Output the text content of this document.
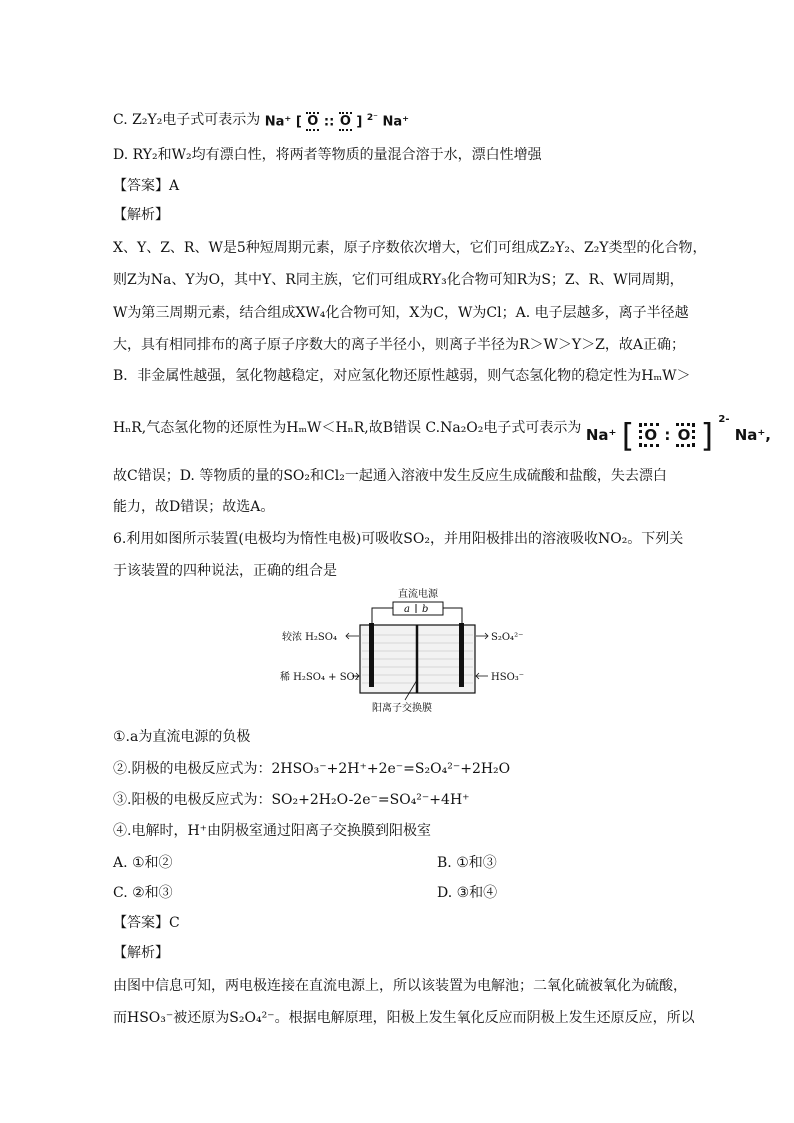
C. Z₂Y₂电子式可表示为 Na⁺ [ O :: O ] $^{2^-}$ Na⁺
D. RY₂和W₂均有漂白性，将两者等物质的量混合溶于水，漂白性增强
【答案】A
【解析】
X、Y、Z、R、W是5种短周期元素，原子序数依次增大，它们可组成Z₂Y₂、Z₂Y类型的化合物，
则Z为Na、Y为O，其中Y、R同主族，它们可组成RY₃化合物可知R为S；Z、R、W同周期，
W为第三周期元素，结合组成XW₄化合物可知，X为C，W为Cl；A. 电子层越多，离子半径越
大，具有相同排布的离子原子序数大的离子半径小，则离子半径为R＞W＞Y＞Z，故A正确；
B．非金属性越强，氢化物越稳定，对应氢化物还原性越弱，则气态氢化物的稳定性为HₘW＞
HₙR,气态氢化物的还原性为HₘW＜HₙR,故B错误 C.Na₂O₂电子式可表示为 Na⁺ [ O : O ] $^{2-}$ Na⁺,
故C错误；D. 等物质的量的SO₂和Cl₂一起通入溶液中发生反应生成硫酸和盐酸，失去漂白
能力，故D错误；故选A。
6.利用如图所示装置(电极均为惰性电极)可吸收SO₂，并用阳极排出的溶液吸收NO₂。下列关
于该装置的四种说法，正确的组合是
直流电源
a b
阳离子交换膜
较浓 H₂SO₄
稀 H₂SO₄ + SO₂
S₂O₄²⁻
HSO₃⁻
①.a为直流电源的负极
②.阴极的电极反应式为：2HSO₃⁻+2H⁺+2e⁻=S₂O₄²⁻+2H₂O
③.阳极的电极反应式为：SO₂+2H₂O-2e⁻=SO₄²⁻+4H⁺
④.电解时，H⁺由阴极室通过阳离子交换膜到阳极室
A. ①和②	B. ①和③
C. ②和③	D. ③和④
【答案】C
【解析】
由图中信息可知，两电极连接在直流电源上，所以该装置为电解池；二氧化硫被氧化为硫酸，
而HSO₃⁻被还原为S₂O₄²⁻。根据电解原理，阳极上发生氧化反应而阴极上发生还原反应，所以
